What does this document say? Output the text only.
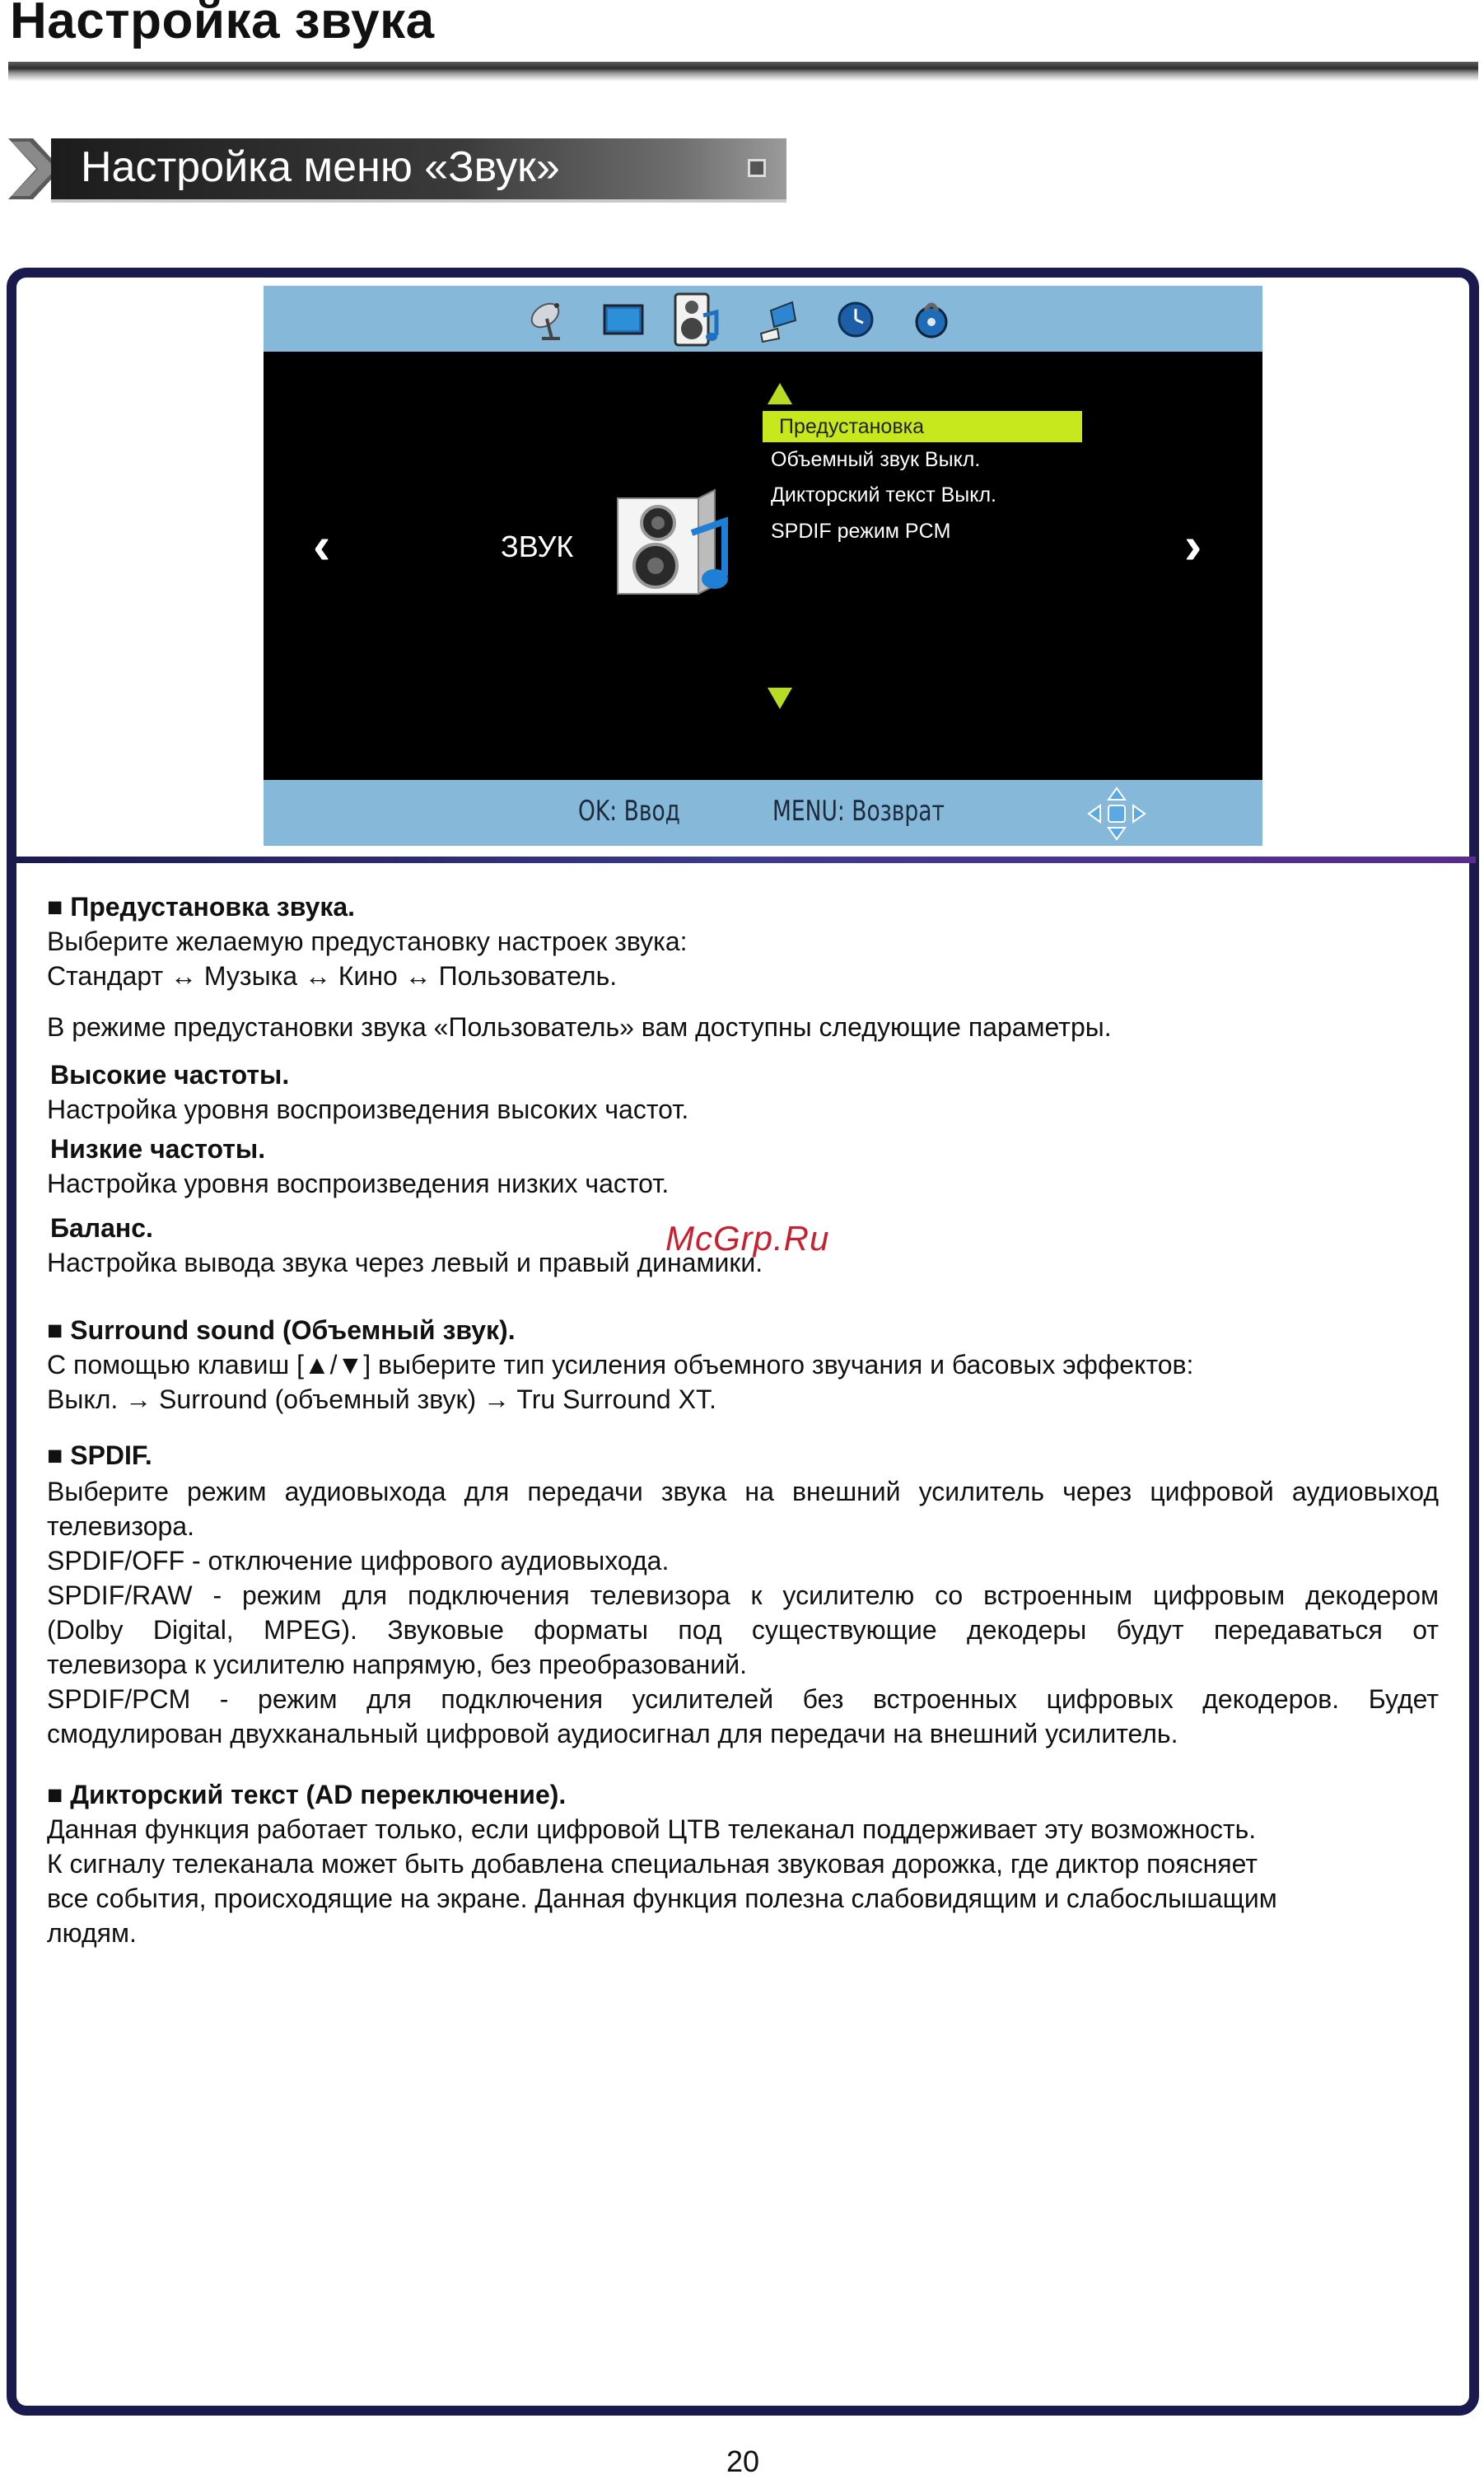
Настройка звука
Настройка меню «Звук»
‹	›
ЗВУК
Предустановка
Объемный звук Выкл.
Дикторский текст Выкл.
SPDIF режим PCM
OK: Ввод	MENU: Возврат
■ Предустановка звука.
Выберите желаемую предустановку настроек звука:
Стандарт ↔ Музыка ↔ Кино ↔ Пользователь.
В режиме предустановки звука «Пользователь» вам доступны следующие параметры.
Высокие частоты.
Настройка уровня воспроизведения высоких частот.
Низкие частоты.
Настройка уровня воспроизведения низких частот.
Баланс.
Настройка вывода звука через левый и правый динамики.
McGrp.Ru
■ Surround sound (Объемный звук).
С помощью клавиш [▲/▼] выберите тип усиления объемного звучания и басовых эффектов:
Выкл. → Surround (объемный звук) → Tru Surround XT.
■ SPDIF.
Выберите режим аудиовыхода для передачи звука на внешний усилитель через цифровой аудиовыход
телевизора.
SPDIF/OFF - отключение цифрового аудиовыхода.
SPDIF/RAW - режим для подключения телевизора к усилителю со встроенным цифровым декодером
(Dolby Digital, MPEG). Звуковые форматы под существующие декодеры будут передаваться от
телевизора к усилителю напрямую, без преобразований.
SPDIF/PCM - режим для подключения усилителей без встроенных цифровых декодеров. Будет
смодулирован двухканальный цифровой аудиосигнал для передачи на внешний усилитель.
■ Дикторский текст (AD переключение).
Данная функция работает только, если цифровой ЦТВ телеканал поддерживает эту возможность.
К сигналу телеканала может быть добавлена специальная звуковая дорожка, где диктор поясняет
все события, происходящие на экране. Данная функция полезна слабовидящим и слабослышащим
людям.
20
